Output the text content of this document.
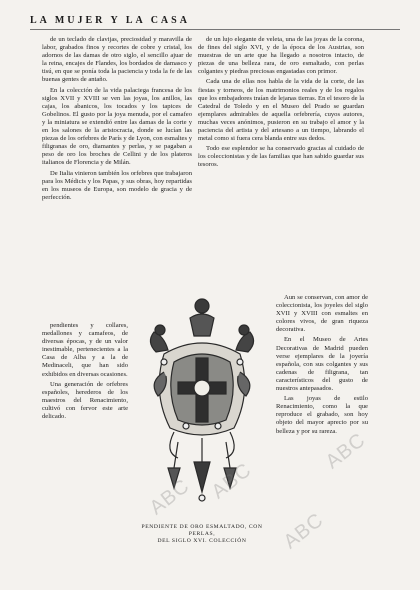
LA MUJER Y LA CASA

de un teclado de clavijas, preciosidad y maravilla de labor, grabados finos y recortes de cobre y cristal, los adornos de las damas de otro siglo, el sencillo ajuar de la reina, encajes de Flandes, los bordados de damasco y tisú, en que se ponía toda la paciencia y toda la fe de las buenas gentes de antaño.

En la colección de la vida palaciega francesa de los siglos XVII y XVIII se ven las joyas, los anillos, las cajas, los abanicos, los tocados y los tapices de Gobelinos. El gusto por la joya menuda, por el camafeo y la miniatura se extendió entre las damas de la corte y en los salones de la aristocracia, donde se lucían las piezas de los orfebres de París y de Lyon, con esmaltes y filigranas de oro, diamantes y perlas, y se pagaban a peso de oro los broches de Cellini y de los plateros italianos de Florencia y de Milán.

De Italia vinieron también los orfebres que trabajaron para los Médicis y los Papas, y sus obras, hoy repartidas en los museos de Europa, son modelo de gracia y de perfección.

de un lujo elegante de veleta, una de las joyas de la corona, de fines del siglo XVI, y de la época de los Austrias, son muestras de un arte que ha llegado a nosotros intacto, de piezas de una belleza rara, de oro esmaltado, con perlas colgantes y piedras preciosas engastadas con primor.

Cada una de ellas nos habla de la vida de la corte, de las fiestas y torneos, de los matrimonios reales y de los regalos que los embajadores traían de lejanas tierras. En el tesoro de la Catedral de Toledo y en el Museo del Prado se guardan ejemplares admirables de aquella orfebrería, cuyos autores, muchas veces anónimos, pusieron en su trabajo el amor y la paciencia del artista y del artesano a un tiempo, labrando el metal como si fuera cera blanda entre sus dedos.

Todo ese esplendor se ha conservado gracias al cuidado de los coleccionistas y de las familias que han sabido guardar sus tesoros.

pendientes y collares, medallones y camafeos, de diversas épocas, y de un valor inestimable, pertenecientes a la Casa de Alba y a la de Medinaceli, que han sido exhibidos en diversas ocasiones.

Una generación de orfebres españoles, herederos de los maestros del Renacimiento, cultivó con fervor este arte delicado.

Aun se conservan, con amor de coleccionista, los joyeles del siglo XVII y XVIII con esmaltes en colores vivos, de gran riqueza decorativa.

En el Museo de Artes Decorativas de Madrid pueden verse ejemplares de la joyería española, con sus colgantes y sus cadenas de filigrana, tan característicos del gusto de nuestros antepasados.

Las joyas de estilo Renacimiento, como la que reproduce el grabado, son hoy objeto del mayor aprecio por su belleza y por su rareza.

PENDIENTE DE ORO ESMALTADO, CON PERLAS,
DEL SIGLO XVI. COLECCIÓN
ABC ABC
ABC
ABC
